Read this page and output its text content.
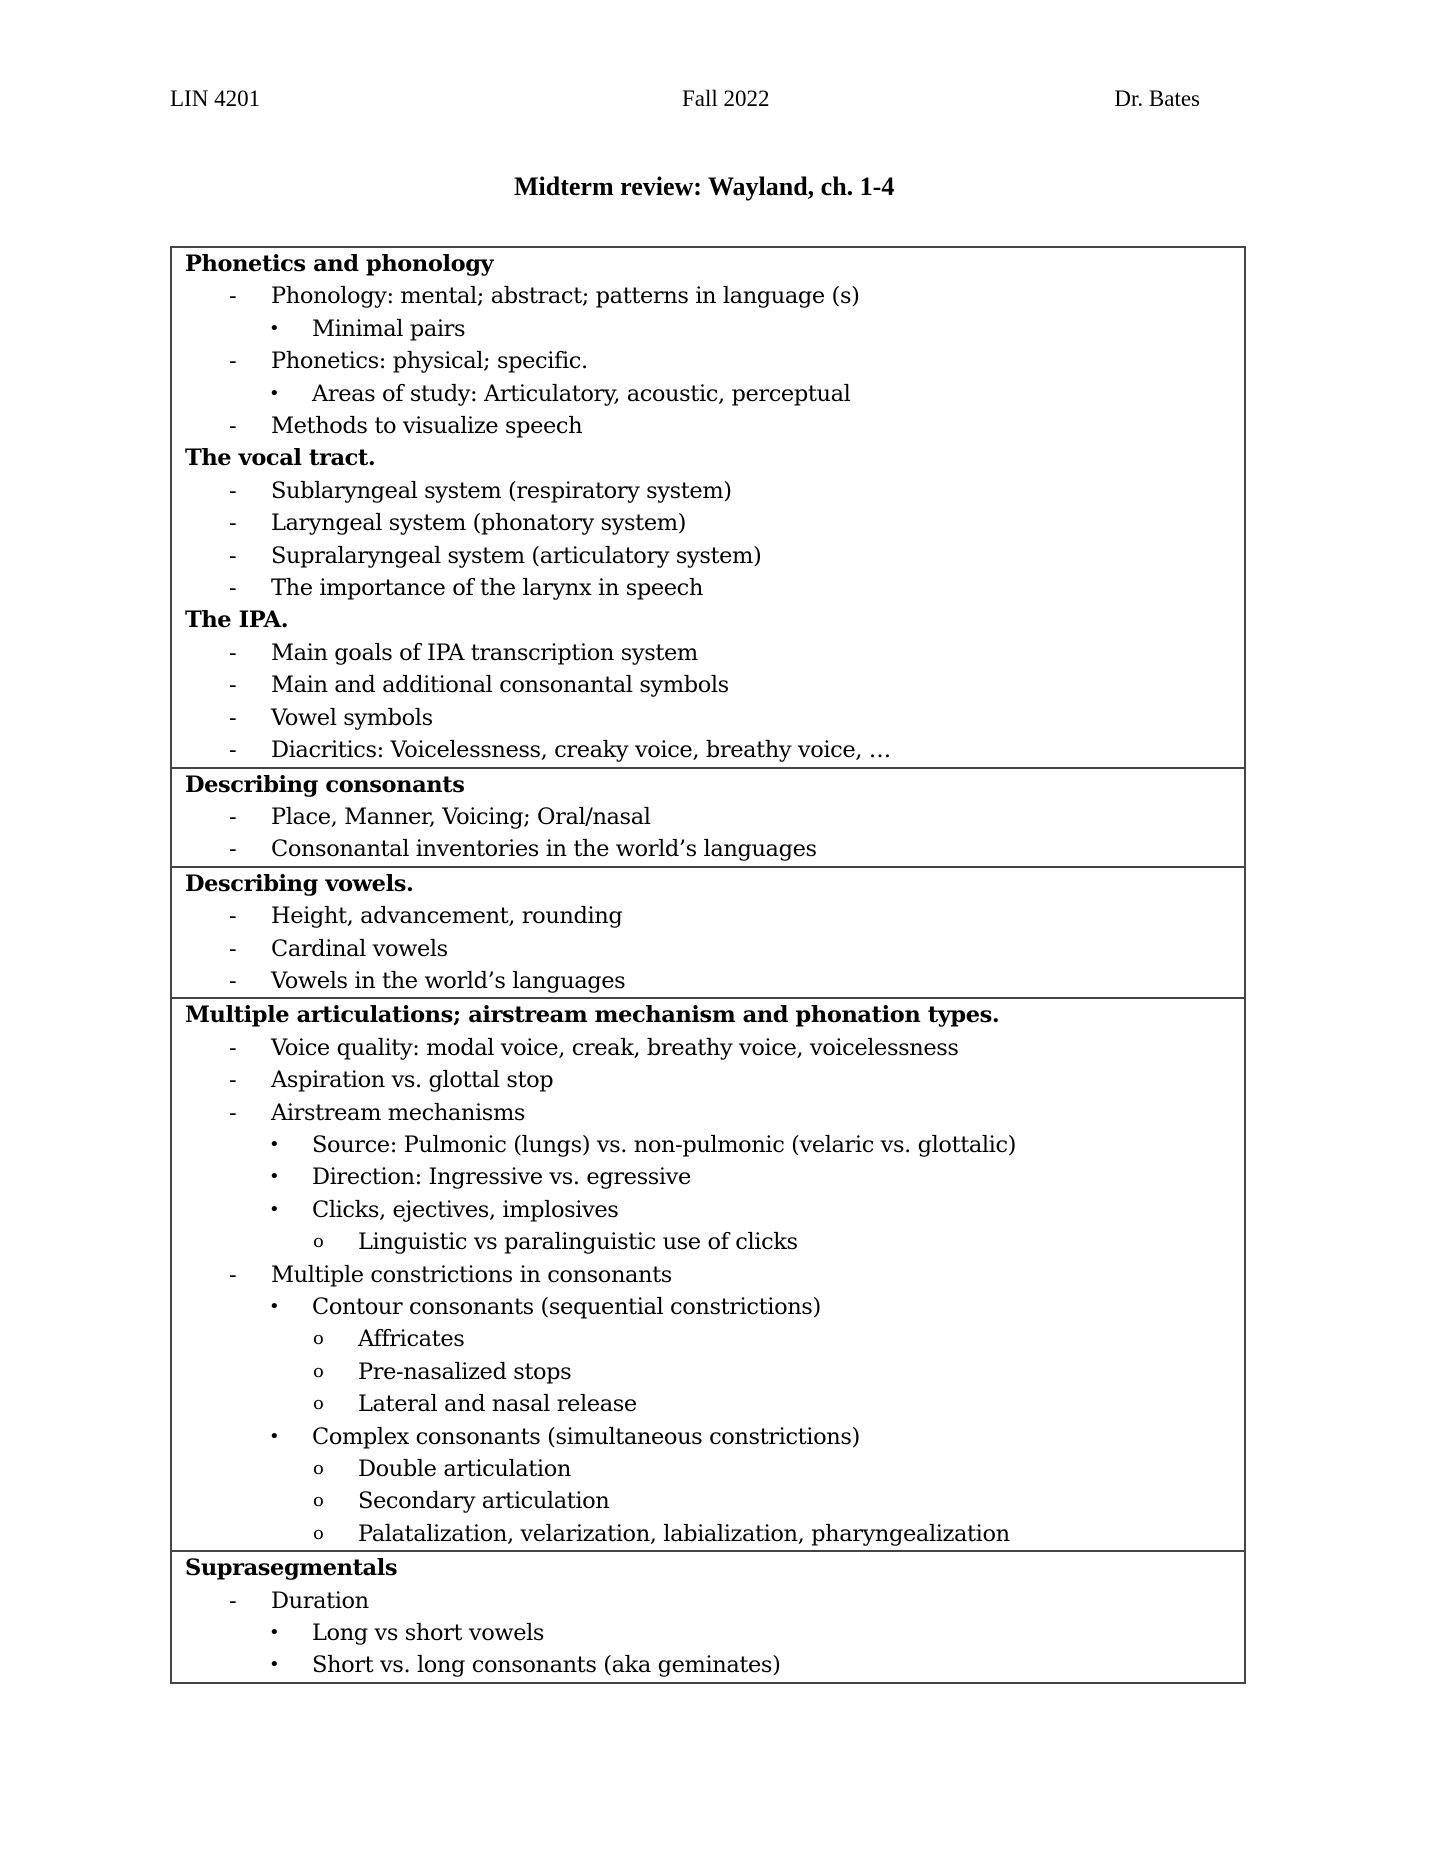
LIN 4201	Fall 2022	Dr. Bates
Midterm review: Wayland, ch. 1-4
Phonetics and phonology
- Phonology: mental; abstract; patterns in language (s)
• Minimal pairs
- Phonetics: physical; specific.
• Areas of study: Articulatory, acoustic, perceptual
- Methods to visualize speech
The vocal tract.
- Sublaryngeal system (respiratory system)
- Laryngeal system (phonatory system)
- Supralaryngeal system (articulatory system)
- The importance of the larynx in speech
The IPA.
- Main goals of IPA transcription system
- Main and additional consonantal symbols
- Vowel symbols
- Diacritics: Voicelessness, creaky voice, breathy voice, …
Describing consonants
- Place, Manner, Voicing; Oral/nasal
- Consonantal inventories in the world’s languages
Describing vowels.
- Height, advancement, rounding
- Cardinal vowels
- Vowels in the world’s languages
Multiple articulations; airstream mechanism and phonation types.
- Voice quality: modal voice, creak, breathy voice, voicelessness
- Aspiration vs. glottal stop
- Airstream mechanisms
• Source: Pulmonic (lungs) vs. non-pulmonic (velaric vs. glottalic)
• Direction: Ingressive vs. egressive
• Clicks, ejectives, implosives
o Linguistic vs paralinguistic use of clicks
- Multiple constrictions in consonants
• Contour consonants (sequential constrictions)
o Affricates
o Pre-nasalized stops
o Lateral and nasal release
• Complex consonants (simultaneous constrictions)
o Double articulation
o Secondary articulation
o Palatalization, velarization, labialization, pharyngealization
Suprasegmentals
- Duration
• Long vs short vowels
• Short vs. long consonants (aka geminates)
